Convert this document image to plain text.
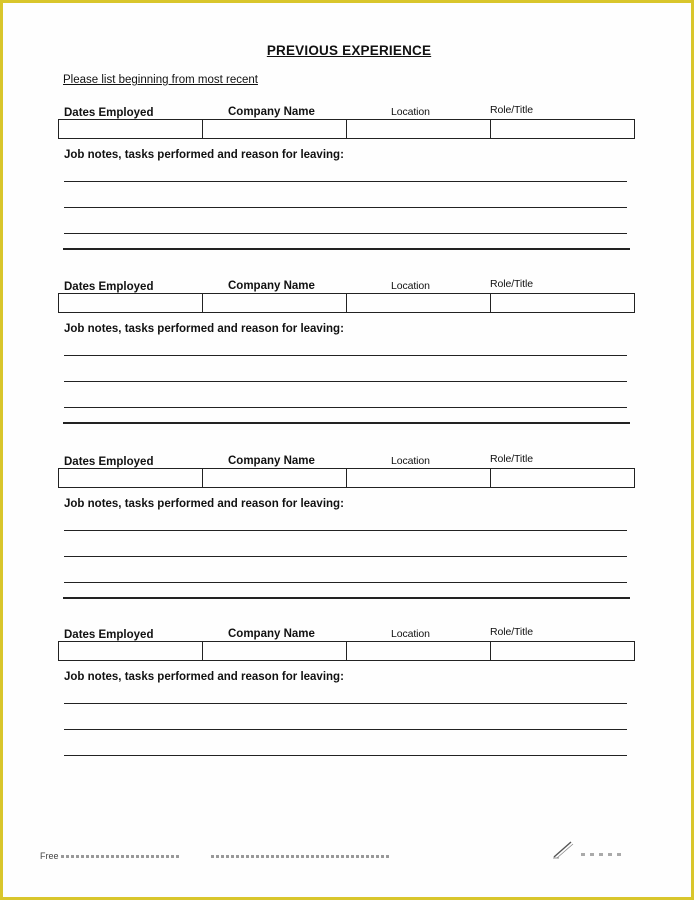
PREVIOUS EXPERIENCE
Please list beginning from most recent
Dates Employed	Company Name	Location	Role/Title
Job notes, tasks performed and reason for leaving:
Dates Employed	Company Name	Location	Role/Title
Job notes, tasks performed and reason for leaving:
Dates Employed	Company Name	Location	Role/Title
Job notes, tasks performed and reason for leaving:
Dates Employed	Company Name	Location	Role/Title
Job notes, tasks performed and reason for leaving:
Free
